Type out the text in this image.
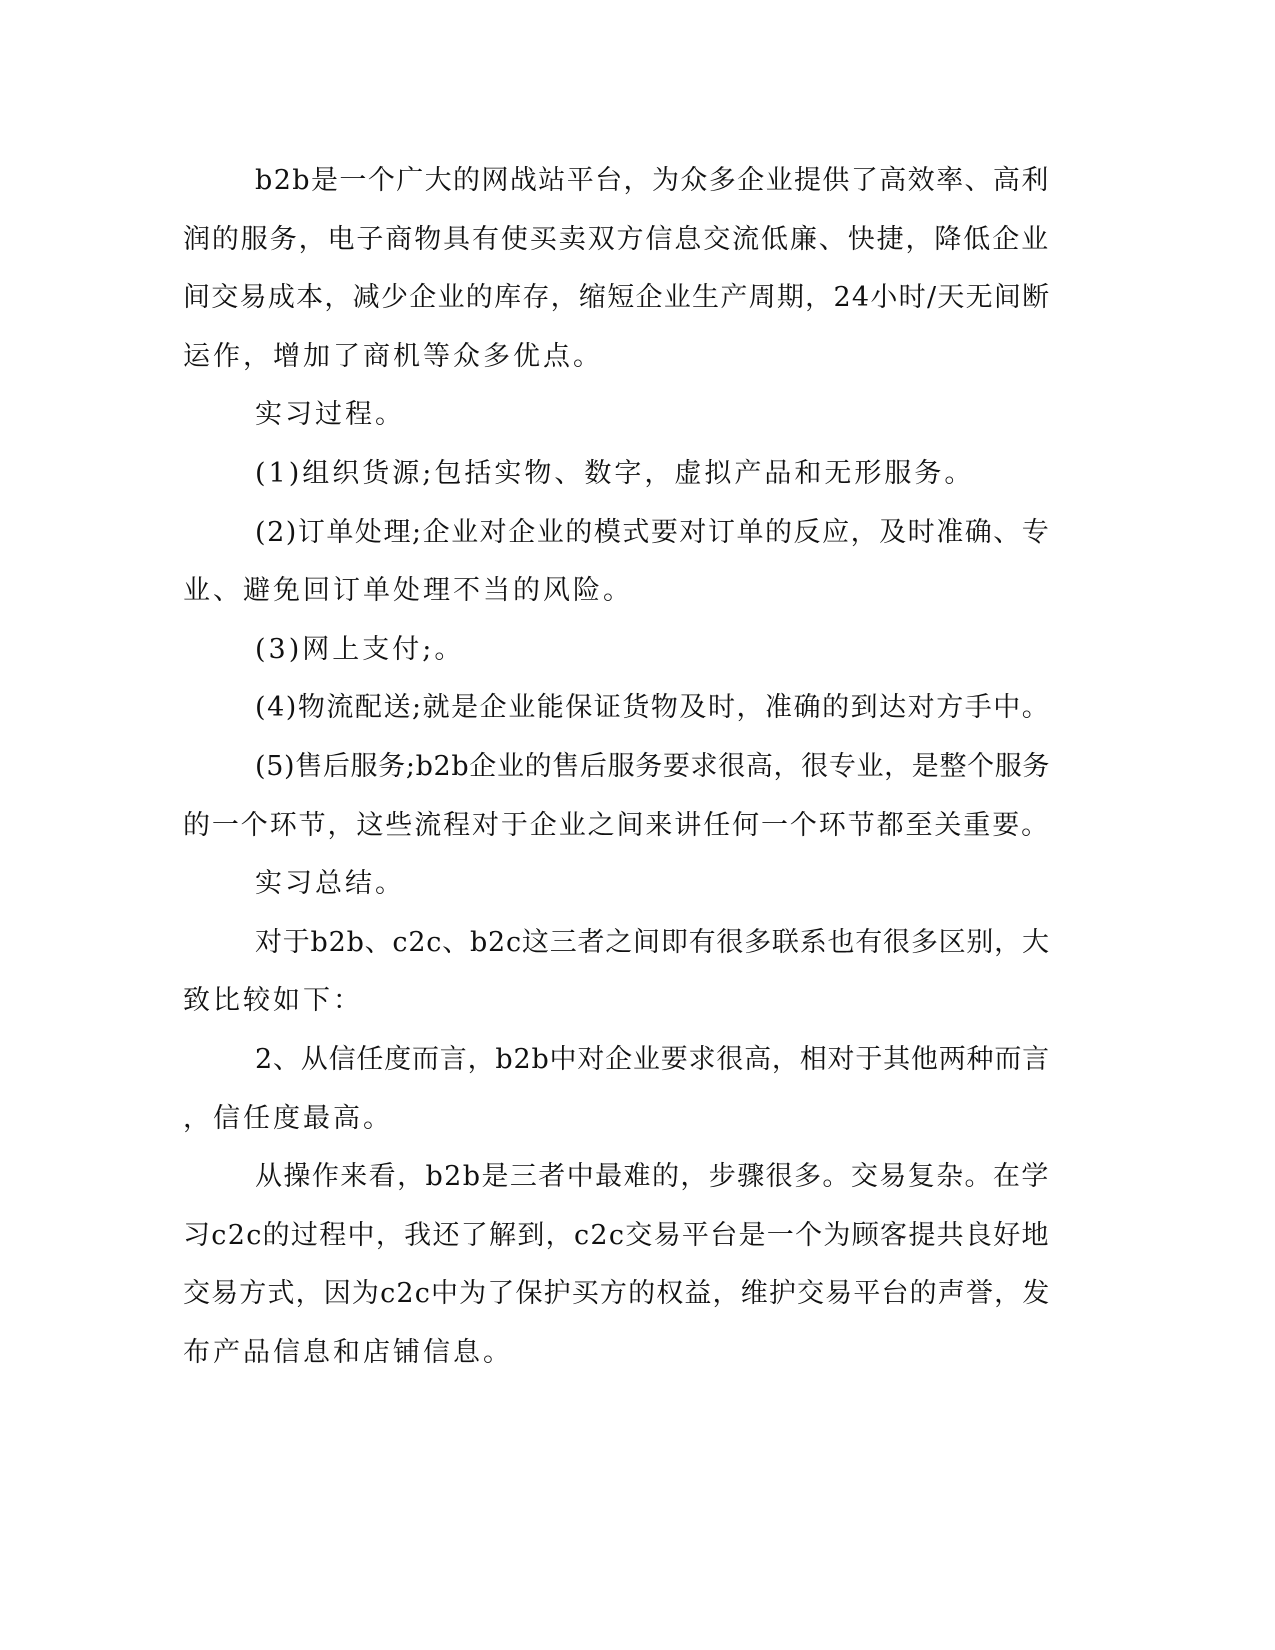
b2b是一个广大的网战站平台，为众多企业提供了高效率、高利
润的服务，电子商物具有使买卖双方信息交流低廉、快捷，降低企业
间交易成本，减少企业的库存，缩短企业生产周期，24小时/天无间断
运作，增加了商机等众多优点。
实习过程。
(1)组织货源;包括实物、数字，虚拟产品和无形服务。
(2)订单处理;企业对企业的模式要对订单的反应，及时准确、专
业、避免回订单处理不当的风险。
(3)网上支付;。
(4)物流配送;就是企业能保证货物及时，准确的到达对方手中。
(5)售后服务;b2b企业的售后服务要求很高，很专业，是整个服务
的一个环节，这些流程对于企业之间来讲任何一个环节都至关重要。
实习总结。
对于b2b、c2c、b2c这三者之间即有很多联系也有很多区别，大
致比较如下：
2、从信任度而言，b2b中对企业要求很高，相对于其他两种而言
，信任度最高。
从操作来看，b2b是三者中最难的，步骤很多。交易复杂。在学
习c2c的过程中，我还了解到，c2c交易平台是一个为顾客提共良好地
交易方式，因为c2c中为了保护买方的权益，维护交易平台的声誉，发
布产品信息和店铺信息。
